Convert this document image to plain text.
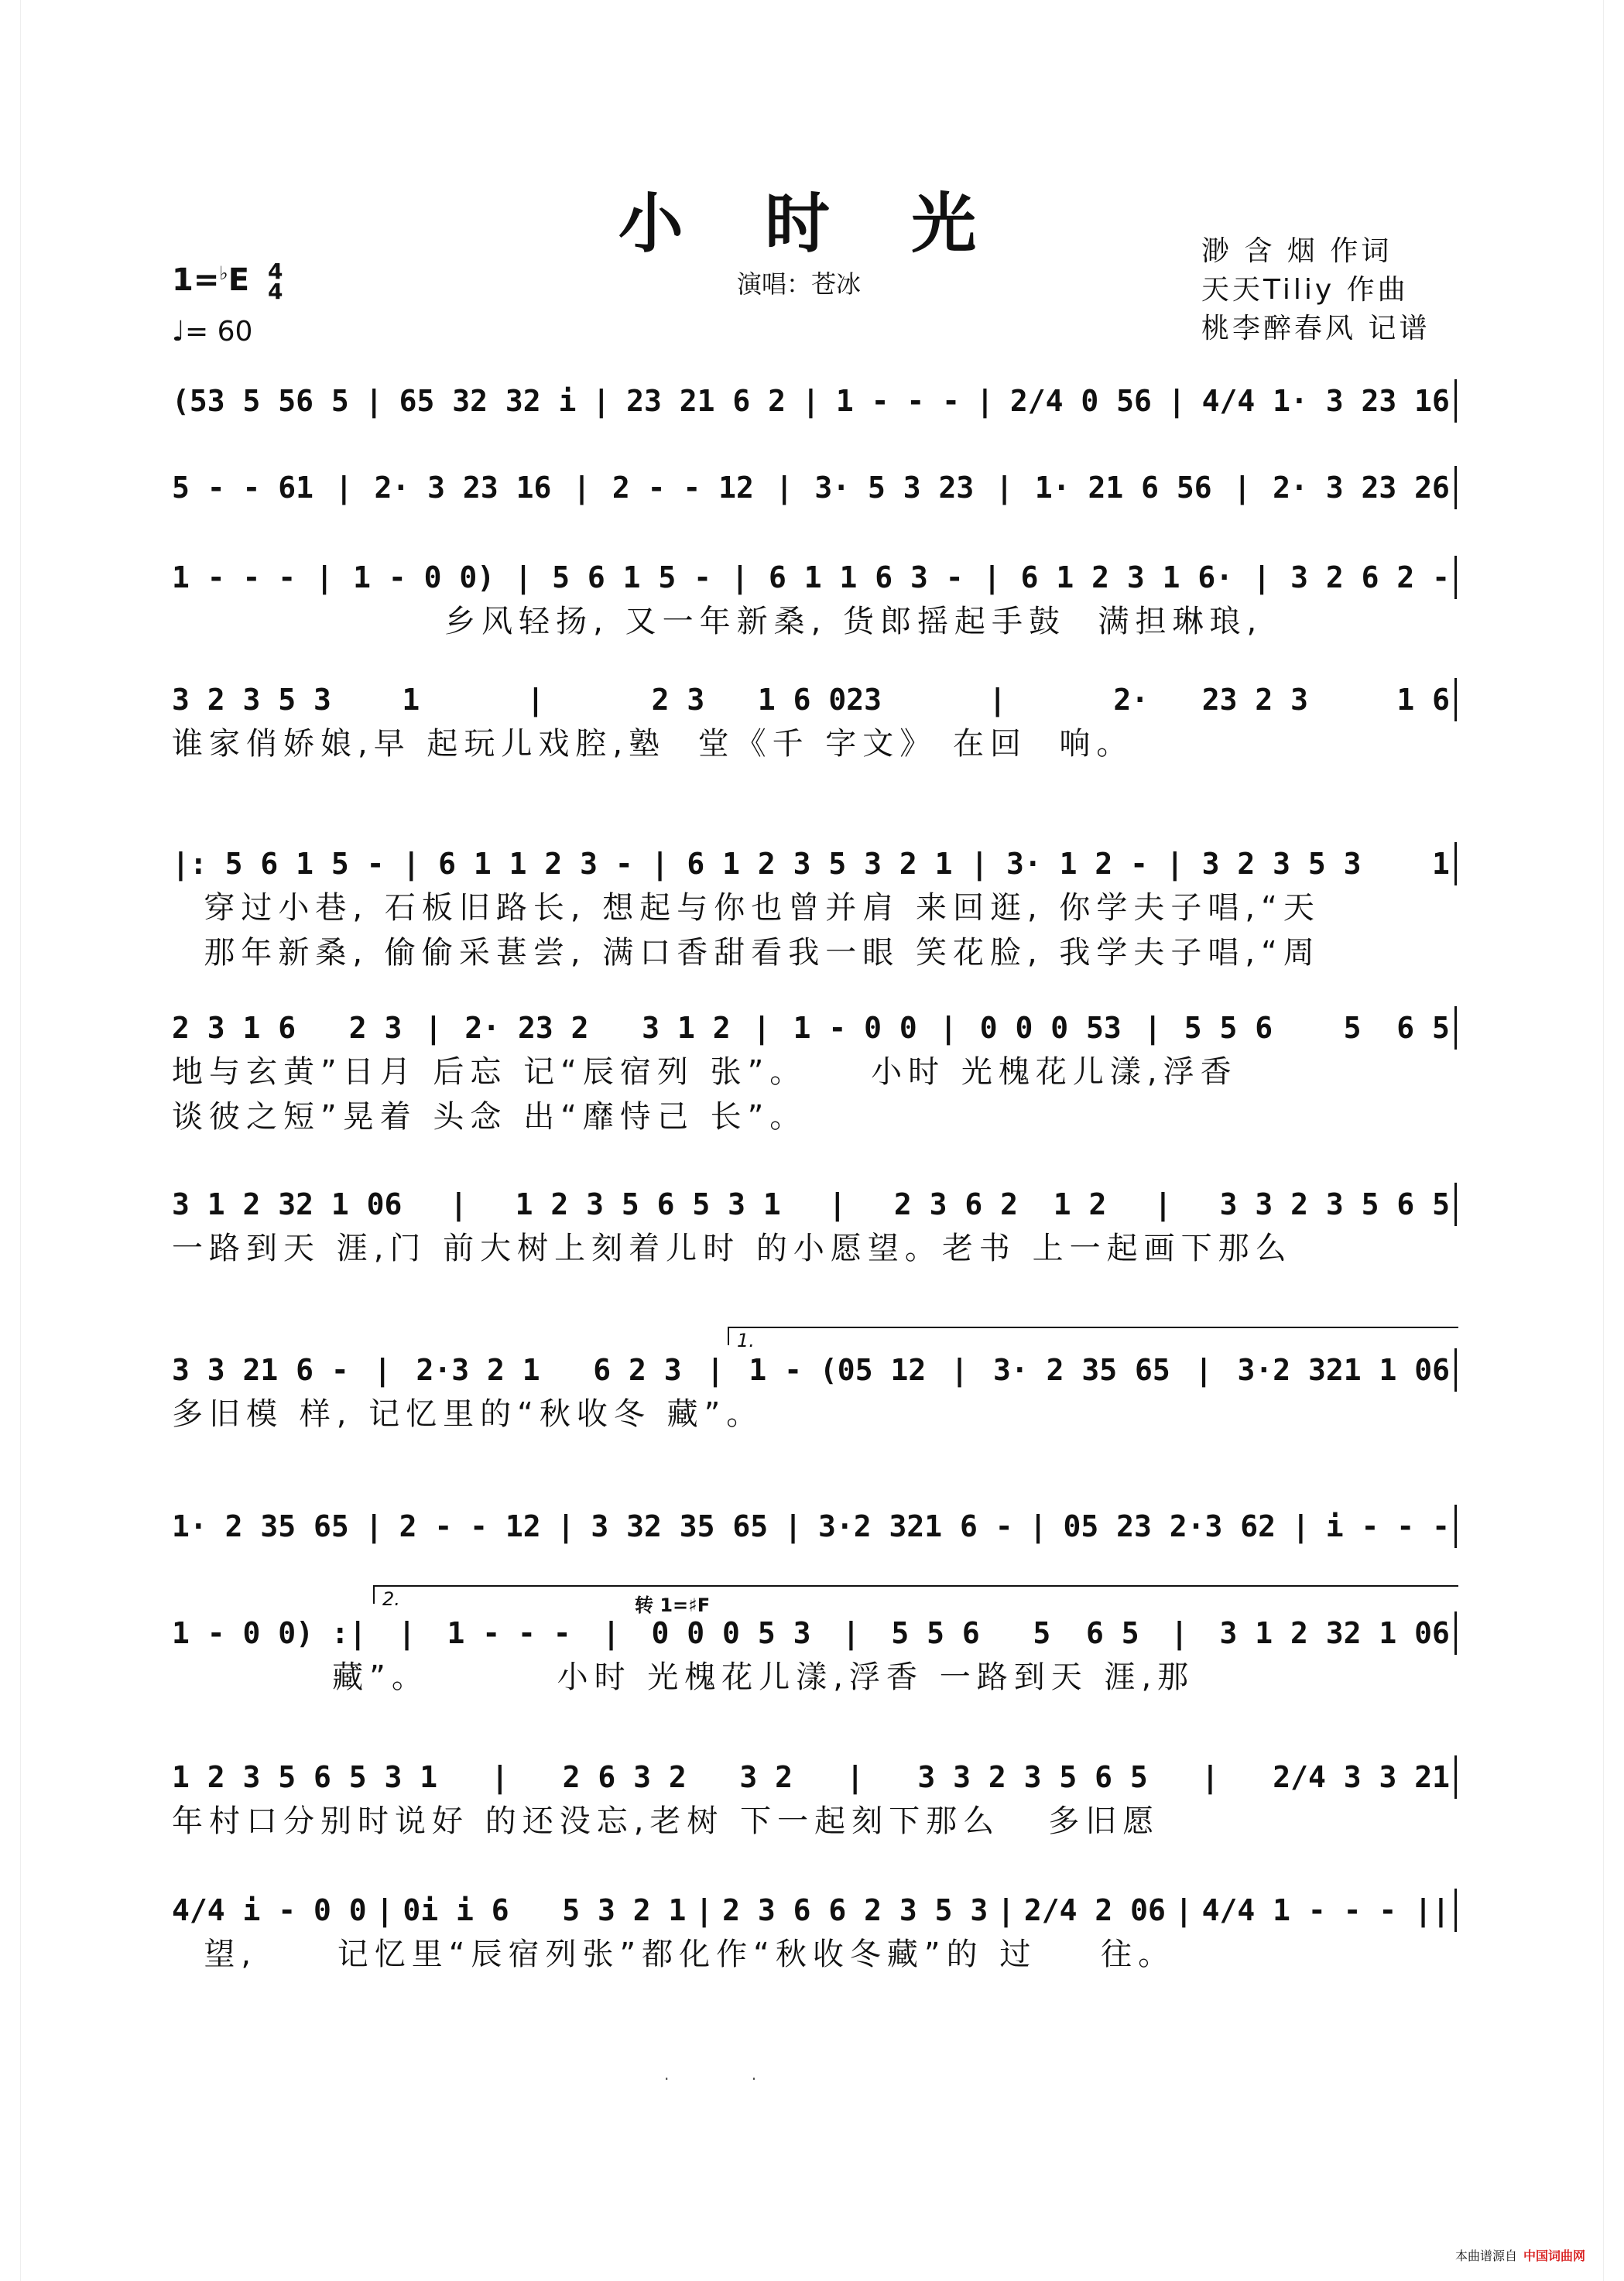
小 时 光	渺 含 烟 作词
天天Tiliy 作曲
桃李醉春风 记谱
演唱：苍冰
1=♭E 4
4
♩= 60
1.
2.	转 1=♯F
(53 5 56 5 | 65 32 32 i | 23 21 6 2 | 1 - - - | 2/4 0 56 | 4/4 1· 3 23 16
5 - - 61 | 2· 3 23 16 | 2 - - 12 | 3· 5 3 23 | 1· 21 6 56 | 2· 3 23 26
1 - - - | 1 - 0 0) | 5 6 1 5 - | 6 1 1 6 3 - | 6 1 2 3 1 6· | 3 2 6 2 -
乡风轻扬, 又一年新桑, 货郎摇起手鼓  满担琳琅,
3 2 3 5 3    1	|	2 3   1 6 023	|	2·   23 2 3     1 6
谁家俏娇娘,早 起玩儿戏腔,塾  堂《千 字文》 在回  响。
|: 5 6 1 5 - | 6 1 1 2 3 - | 6 1 2 3 5 3 2 1 | 3· 1 2 - | 3 2 3 5 3    1
穿过小巷, 石板旧路长, 想起与你也曾并肩 来回逛, 你学夫子唱,“天
那年新桑, 偷偷采葚尝, 满口香甜看我一眼 笑花脸, 我学夫子唱,“周
2 3 1 6   2 3 | 2· 23 2   3 1 2 | 1 - 0 0 | 0 0 0 53 | 5 5 6    5  6 5
地与玄黄”日月 后忘 记“辰宿列 张”。    小时 光槐花儿漾,浮香
谈彼之短”晃着 头念 出“靡恃己 长”。
3 1 2 32 1 06 | 1 2 3 5 6 5 3 1 | 2 3 6 2  1 2 | 3 3 2 3 5 6 5
一路到天 涯,门 前大树上刻着儿时 的小愿望。老书 上一起画下那么
3 3 21 6 - | 2·3 2 1   6 2 3 | 1 - (05 12 | 3· 2 35 65 | 3·2 321 1 06
多旧模 样, 记忆里的“秋收冬 藏”。
1· 2 35 65 | 2 - - 12 | 3 32 35 65 | 3·2 321 6 - | 05 23 2·3 62 | i - - -
1 - 0 0) :| | 1 - - - | 0 0 0 5 3 | 5 5 6   5  6 5 | 3 1 2 32 1 06
藏”。        小时 光槐花儿漾,浮香 一路到天 涯,那
1 2 3 5 6 5 3 1 | 2 6 3 2   3 2 | 3 3 2 3 5 6 5 | 2/4 3 3 21
年村口分别时说好 的还没忘,老树 下一起刻下那么   多旧愿
4/4 i - 0 0 | 0i i 6   5 3 2 1 | 2 3 6 6 2 3 5 3 | 2/4 2 06 | 4/4 1 - - - ||
望,     记忆里“辰宿列张”都化作“秋收冬藏”的 过    往。
. .
本曲谱源自 中国词曲网
